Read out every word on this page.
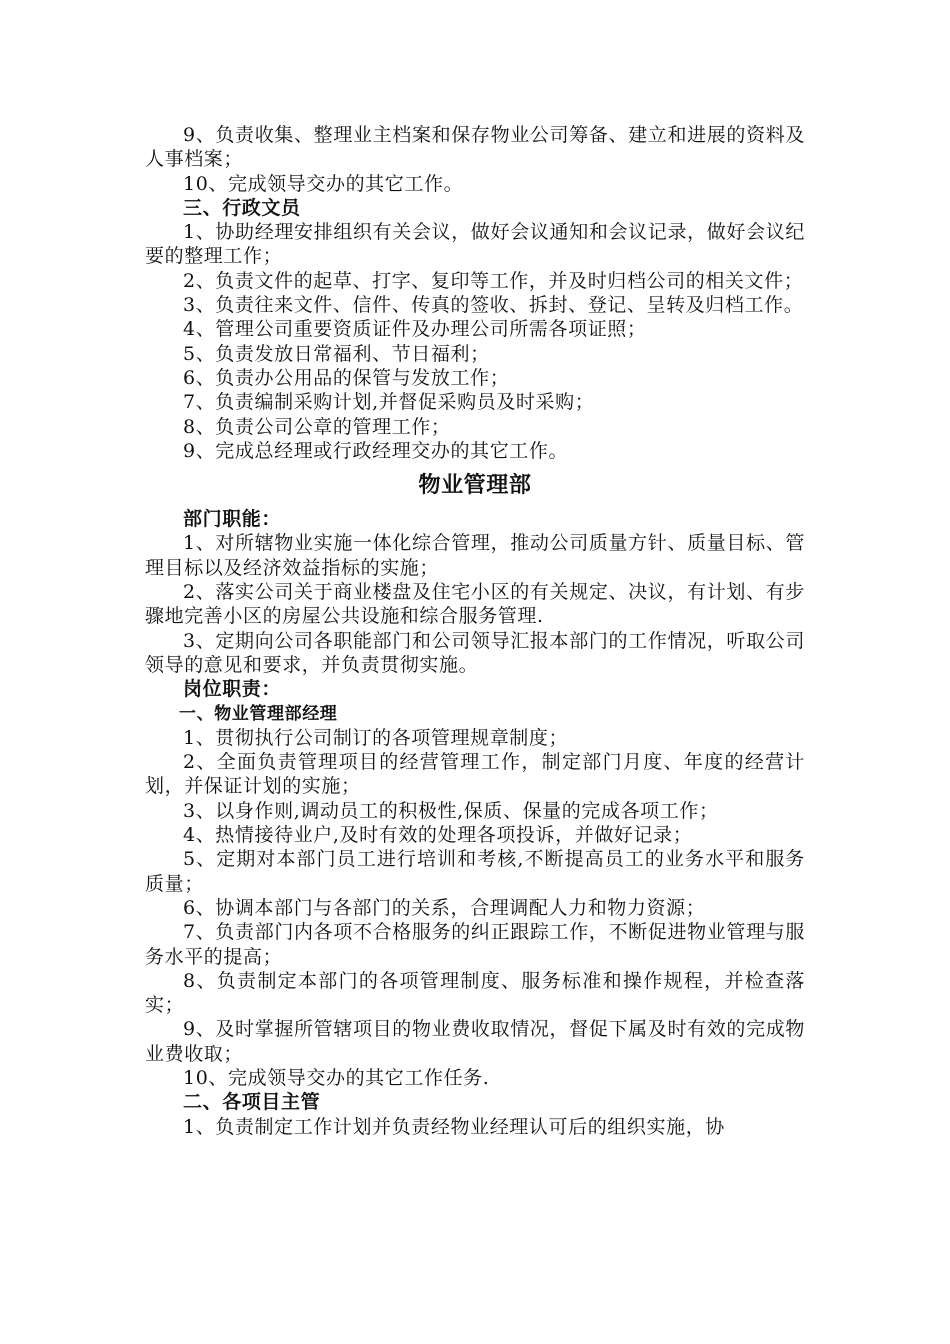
9、负责收集、整理业主档案和保存物业公司筹备、建立和进展的资料及人事档案；

10、完成领导交办的其它工作。

三、行政文员

1、协助经理安排组织有关会议，做好会议通知和会议记录，做好会议纪要的整理工作；

2、负责文件的起草、打字、复印等工作，并及时归档公司的相关文件；

3、负责往来文件、信件、传真的签收、拆封、登记、呈转及归档工作。

4、管理公司重要资质证件及办理公司所需各项证照；

5、负责发放日常福利、节日福利；

6、负责办公用品的保管与发放工作；

7、负责编制采购计划,并督促采购员及时采购；

8、负责公司公章的管理工作；

9、完成总经理或行政经理交办的其它工作。

物业管理部

部门职能：

1、对所辖物业实施一体化综合管理，推动公司质量方针、质量目标、管理目标以及经济效益指标的实施；

2、落实公司关于商业楼盘及住宅小区的有关规定、决议，有计划、有步骤地完善小区的房屋公共设施和综合服务管理.

3、定期向公司各职能部门和公司领导汇报本部门的工作情况，听取公司领导的意见和要求，并负责贯彻实施。

岗位职责：

一、物业管理部经理

1、贯彻执行公司制订的各项管理规章制度；

2、全面负责管理项目的经营管理工作，制定部门月度、年度的经营计划，并保证计划的实施；

3、以身作则,调动员工的积极性,保质、保量的完成各项工作；

4、热情接待业户,及时有效的处理各项投诉，并做好记录；

5、定期对本部门员工进行培训和考核,不断提高员工的业务水平和服务质量；

6、协调本部门与各部门的关系，合理调配人力和物力资源；

7、负责部门内各项不合格服务的纠正跟踪工作，不断促进物业管理与服务水平的提高；

8、负责制定本部门的各项管理制度、服务标准和操作规程，并检查落实；

9、及时掌握所管辖项目的物业费收取情况，督促下属及时有效的完成物业费收取；

10、完成领导交办的其它工作任务.

二、各项目主管

1、负责制定工作计划并负责经物业经理认可后的组织实施，协
